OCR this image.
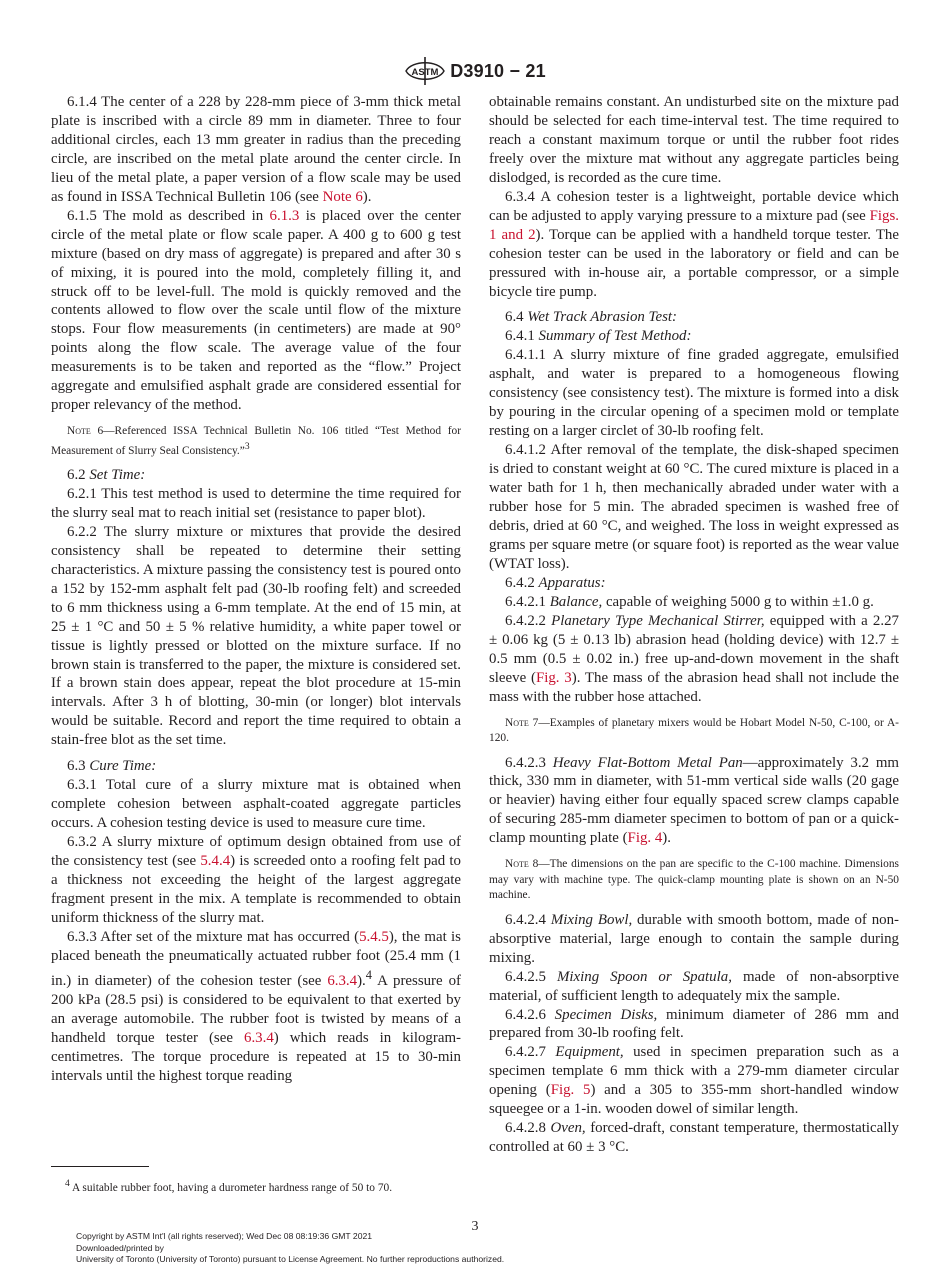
ASTM D3910 − 21

6.1.4 The center of a 228 by 228-mm piece of 3-mm thick metal plate is inscribed with a circle 89 mm in diameter. Three to four additional circles, each 13 mm greater in radius than the preceding circle, are inscribed on the metal plate around the center circle. In lieu of the metal plate, a paper version of a flow scale may be used as found in ISSA Technical Bulletin 106 (see Note 6).

6.1.5 The mold as described in 6.1.3 is placed over the center circle of the metal plate or flow scale paper. A 400 g to 600 g test mixture (based on dry mass of aggregate) is prepared and after 30 s of mixing, it is poured into the mold, completely filling it, and struck off to be level-full. The mold is quickly removed and the contents allowed to flow over the scale until flow of the mixture stops. Four flow measurements (in centimeters) are made at 90° points along the flow scale. The average value of the four measurements is to be taken and reported as the “flow.” Project aggregate and emulsified asphalt grade are considered essential for proper relevancy of the method.

Note 6—Referenced ISSA Technical Bulletin No. 106 titled “Test Method for Measurement of Slurry Seal Consistency.”$^3$

6.2 Set Time:

6.2.1 This test method is used to determine the time required for the slurry seal mat to reach initial set (resistance to paper blot).

6.2.2 The slurry mixture or mixtures that provide the desired consistency shall be repeated to determine their setting characteristics. A mixture passing the consistency test is poured onto a 152 by 152-mm asphalt felt pad (30-lb roofing felt) and screeded to 6 mm thickness using a 6-mm template. At the end of 15 min, at 25 ± 1 °C and 50 ± 5 % relative humidity, a white paper towel or tissue is lightly pressed or blotted on the mixture surface. If no brown stain is transferred to the paper, the mixture is considered set. If a brown stain does appear, repeat the blot procedure at 15-min intervals. After 3 h of blotting, 30-min (or longer) blot intervals would be suitable. Record and report the time required to obtain a stain-free blot as the set time.

6.3 Cure Time:

6.3.1 Total cure of a slurry mixture mat is obtained when complete cohesion between asphalt-coated aggregate particles occurs. A cohesion testing device is used to measure cure time.

6.3.2 A slurry mixture of optimum design obtained from use of the consistency test (see 5.4.4) is screeded onto a roofing felt pad to a thickness not exceeding the height of the largest aggregate fragment present in the mix. A template is recommended to obtain uniform thickness of the slurry mat.

6.3.3 After set of the mixture mat has occurred (5.4.5), the mat is placed beneath the pneumatically actuated rubber foot (25.4 mm (1 in.) in diameter) of the cohesion tester (see 6.3.4).$^4$ A pressure of 200 kPa (28.5 psi) is considered to be equivalent to that exerted by an average automobile. The rubber foot is twisted by means of a handheld torque tester (see 6.3.4) which reads in kilogram-centimetres. The torque procedure is repeated at 15 to 30-min intervals until the highest torque reading

obtainable remains constant. An undisturbed site on the mixture pad should be selected for each time-interval test. The time required to reach a constant maximum torque or until the rubber foot rides freely over the mixture mat without any aggregate particles being dislodged, is recorded as the cure time.

6.3.4 A cohesion tester is a lightweight, portable device which can be adjusted to apply varying pressure to a mixture pad (see Figs. 1 and 2). Torque can be applied with a handheld torque tester. The cohesion tester can be used in the laboratory or field and can be pressured with in-house air, a portable compressor, or a simple bicycle tire pump.

6.4 Wet Track Abrasion Test:

6.4.1 Summary of Test Method:

6.4.1.1 A slurry mixture of fine graded aggregate, emulsified asphalt, and water is prepared to a homogeneous flowing consistency (see consistency test). The mixture is formed into a disk by pouring in the circular opening of a specimen mold or template resting on a larger circlet of 30-lb roofing felt.

6.4.1.2 After removal of the template, the disk-shaped specimen is dried to constant weight at 60 °C. The cured mixture is placed in a water bath for 1 h, then mechanically abraded under water with a rubber hose for 5 min. The abraded specimen is washed free of debris, dried at 60 °C, and weighed. The loss in weight expressed as grams per square metre (or square foot) is reported as the wear value (WTAT loss).

6.4.2 Apparatus:

6.4.2.1 Balance, capable of weighing 5000 g to within ±1.0 g.

6.4.2.2 Planetary Type Mechanical Stirrer, equipped with a 2.27 ± 0.06 kg (5 ± 0.13 lb) abrasion head (holding device) with 12.7 ± 0.5 mm (0.5 ± 0.02 in.) free up-and-down movement in the shaft sleeve (Fig. 3). The mass of the abrasion head shall not include the mass with the rubber hose attached.

Note 7—Examples of planetary mixers would be Hobart Model N-50, C-100, or A-120.

6.4.2.3 Heavy Flat-Bottom Metal Pan—approximately 3.2 mm thick, 330 mm in diameter, with 51-mm vertical side walls (20 gage or heavier) having either four equally spaced screw clamps capable of securing 285-mm diameter specimen to bottom of pan or a quick-clamp mounting plate (Fig. 4).

Note 8—The dimensions on the pan are specific to the C-100 machine. Dimensions may vary with machine type. The quick-clamp mounting plate is shown on an N-50 machine.

6.4.2.4 Mixing Bowl, durable with smooth bottom, made of non-absorptive material, large enough to contain the sample during mixing.

6.4.2.5 Mixing Spoon or Spatula, made of non-absorptive material, of sufficient length to adequately mix the sample.

6.4.2.6 Specimen Disks, minimum diameter of 286 mm and prepared from 30-lb roofing felt.

6.4.2.7 Equipment, used in specimen preparation such as a specimen template 6 mm thick with a 279-mm diameter circular opening (Fig. 5) and a 305 to 355-mm short-handled window squeegee or a 1-in. wooden dowel of similar length.

6.4.2.8 Oven, forced-draft, constant temperature, thermostatically controlled at 60 ± 3 °C.

$^4$ A suitable rubber foot, having a durometer hardness range of 50 to 70.
3
Copyright by ASTM Int'l (all rights reserved); Wed Dec 08 08:19:36 GMT 2021
Downloaded/printed by
University of Toronto (University of Toronto) pursuant to License Agreement. No further reproductions authorized.
